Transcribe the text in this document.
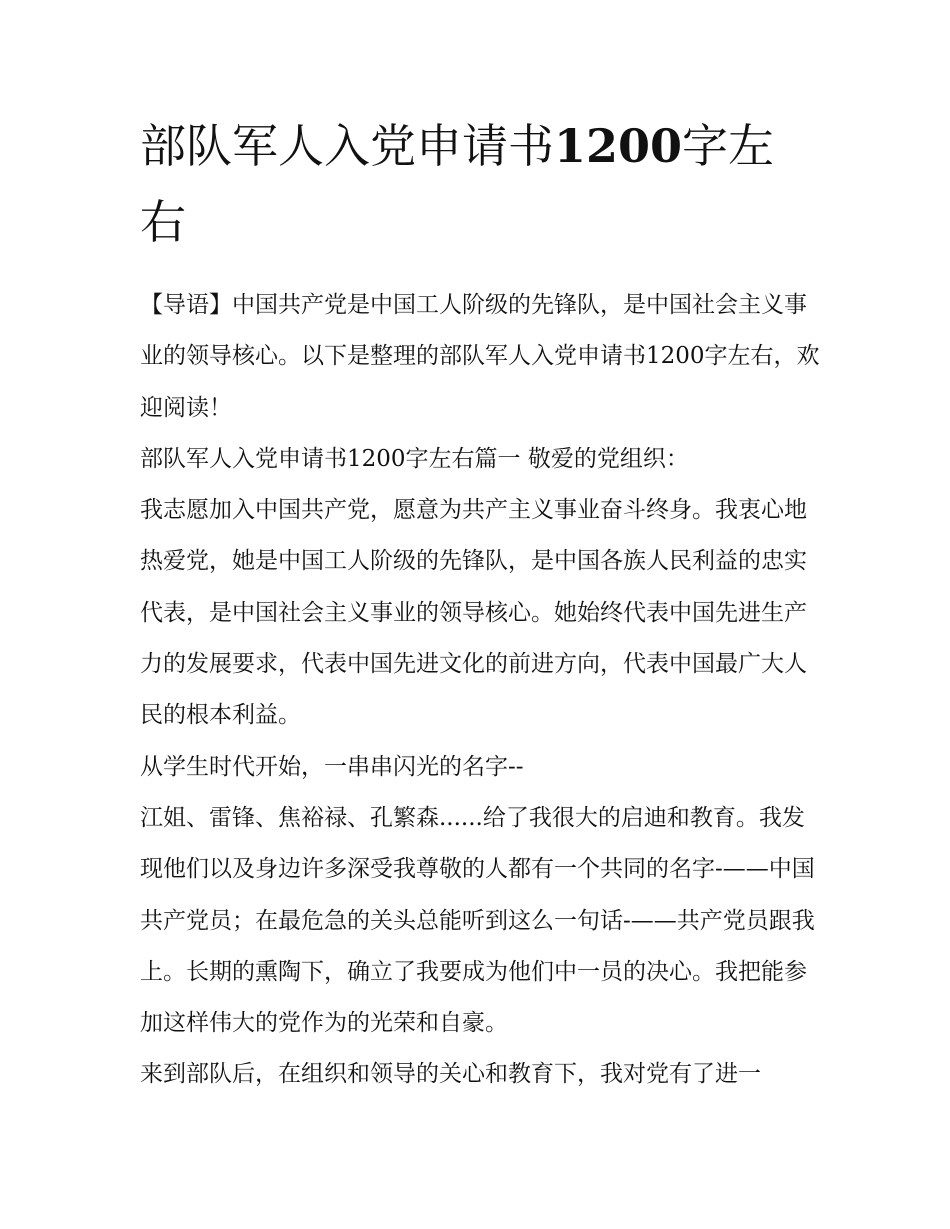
部队军人入党申请书1200字左右

【导语】中国共产党是中国工人阶级的先锋队，是中国社会主义事业的领导核心。以下是整理的部队军人入党申请书1200字左右，欢迎阅读！

部队军人入党申请书1200字左右篇一 敬爱的党组织：

我志愿加入中国共产党，愿意为共产主义事业奋斗终身。我衷心地热爱党，她是中国工人阶级的先锋队，是中国各族人民利益的忠实代表，是中国社会主义事业的领导核心。她始终代表中国先进生产力的发展要求，代表中国先进文化的前进方向，代表中国最广大人民的根本利益。

从学生时代开始，一串串闪光的名字--

江姐、雷锋、焦裕禄、孔繁森......给了我很大的启迪和教育。我发现他们以及身边许多深受我尊敬的人都有一个共同的名字-——中国共产党员；在最危急的关头总能听到这么一句话-——共产党员跟我上。长期的熏陶下，确立了我要成为他们中一员的决心。我把能参加这样伟大的党作为的光荣和自豪。

来到部队后，在组织和领导的关心和教育下，我对党有了进一
